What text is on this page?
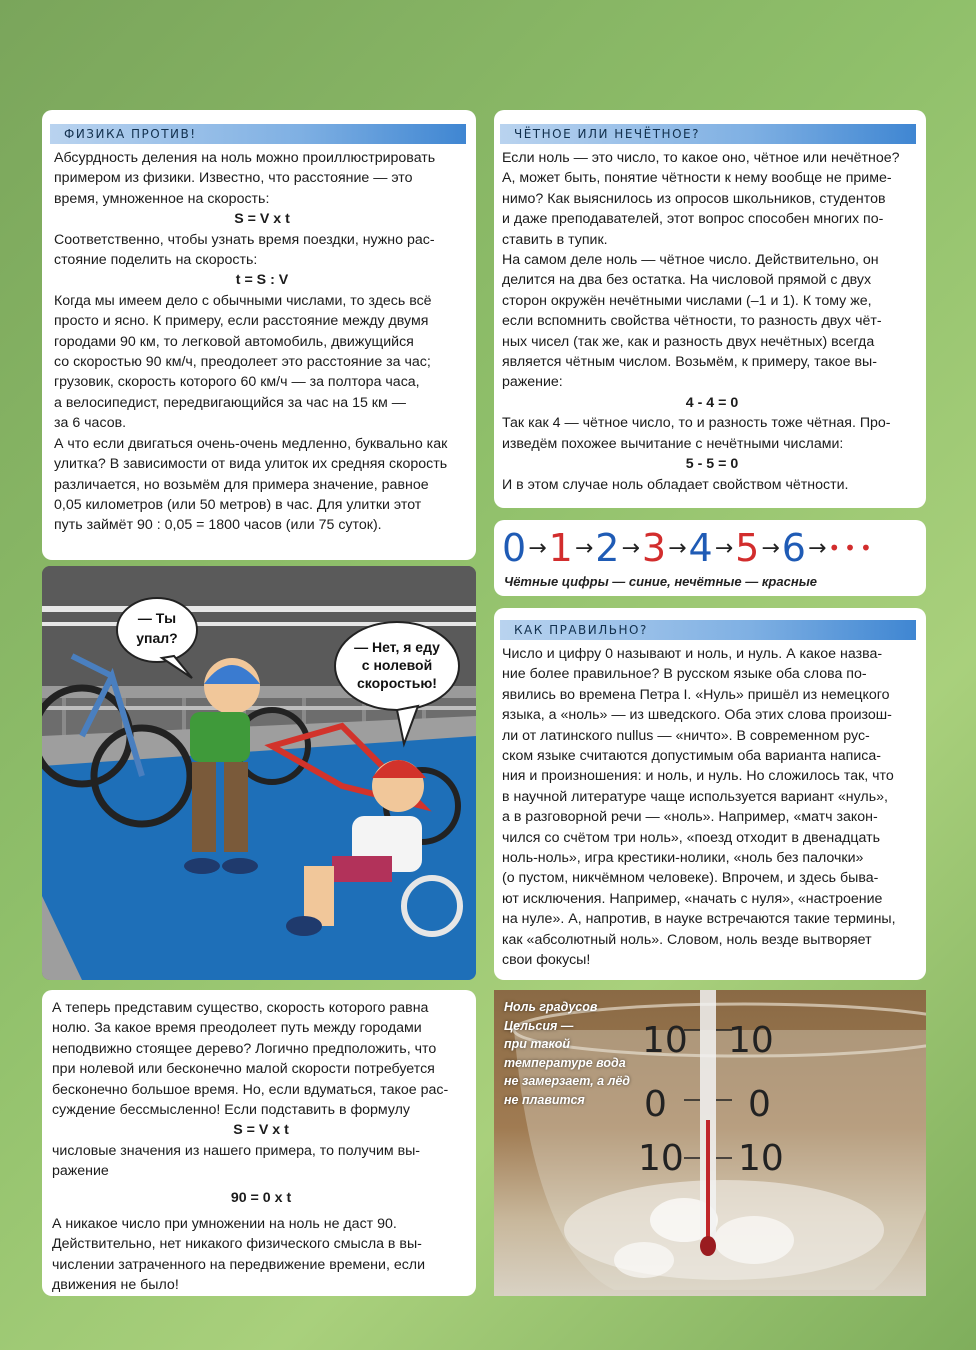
ФИЗИКА ПРОТИВ!

Абсурдность деления на ноль можно проиллюстрировать

примером из физики. Известно, что расстояние — это

время, умноженное на скорость:

S = V x t

Соответственно, чтобы узнать время поездки, нужно рас-

стояние поделить на скорость:

t = S : V

Когда мы имеем дело с обычными числами, то здесь всё

просто и ясно. К примеру, если расстояние между двумя

городами 90 км, то легковой автомобиль, движущийся

со скоростью 90 км/ч, преодолеет это расстояние за час;

грузовик, скорость которого 60 км/ч — за полтора часа,

а велосипедист, передвигающийся за час на 15 км —

за 6 часов.

А что если двигаться очень-очень медленно, буквально как

улитка? В зависимости от вида улиток их средняя скорость

различается, но возьмём для примера значение, равное

0,05 километров (или 50 метров) в час. Для улитки этот

путь займёт 90 : 0,05 = 1800 часов (или 75 суток).

ЧЁТНОЕ ИЛИ НЕЧЁТНОЕ?

Если ноль — это число, то какое оно, чётное или нечётное?

А, может быть, понятие чётности к нему вообще не приме-

нимо? Как выяснилось из опросов школьников, студентов

и даже преподавателей, этот вопрос способен многих по-

ставить в тупик.

На самом деле ноль — чётное число. Действительно, он

делится на два без остатка. На числовой прямой с двух

сторон окружён нечётными числами (–1 и 1). К тому же,

если вспомнить свойства чётности, то разность двух чёт-

ных чисел (так же, как и разность двух нечётных) всегда

является чётным числом. Возьмём, к примеру, такое вы-

ражение:

4 - 4 = 0

Так как 4 — чётное число, то и разность тоже чётная. Про-

изведём похожее вычитание с нечётными числами:

5 - 5 = 0

И в этом случае ноль обладает свойством чётности.

0 → 1 → 2 → 3 → 4 → 5 → 6 → •••
Чётные цифры — синие, нечётные — красные
— Ты
упал?
— Нет, я еду
с нолевой
скоростью!
КАК ПРАВИЛЬНО?

Число и цифру 0 называют и ноль, и нуль. А какое назва-

ние более правильное? В русском языке оба слова по-

явились во времена Петра I. «Нуль» пришёл из немецкого

языка, а «ноль» — из шведского. Оба этих слова произош-

ли от латинского nullus — «ничто». В современном рус-

ском языке считаются допустимым оба варианта написа-

ния и произношения: и ноль, и нуль. Но сложилось так, что

в научной литературе чаще используется вариант «нуль»,

а в разговорной речи — «ноль». Например, «матч закон-

чился со счётом три ноль», «поезд отходит в двенадцать

ноль-ноль», игра крестики-нолики, «ноль без палочки»

(о пустом, никчёмном человеке). Впрочем, и здесь быва-

ют исключения. Например, «начать с нуля», «настроение

на нуле». А, напротив, в науке встречаются такие термины,

как «абсолютный ноль». Словом, ноль везде вытворяет

свои фокусы!

А теперь представим существо, скорость которого равна

нолю. За какое время преодолеет путь между городами

неподвижно стоящее дерево? Логично предположить, что

при нолевой или бесконечно малой скорости потребуется

бесконечно большое время. Но, если вдуматься, такое рас-

суждение бессмысленно! Если подставить в формулу

S = V x t

числовые значения из нашего примера, то получим вы-

ражение

90 = 0 x t

А никакое число при умножении на ноль не даст 90.

Действительно, нет никакого физического смысла в вы-

числении затраченного на передвижение времени, если

движения не было!

10 10
0 0
10 10
Ноль градусов
Цельсия —
при такой
температуре вода
не замерзает, а лёд
не плавится
